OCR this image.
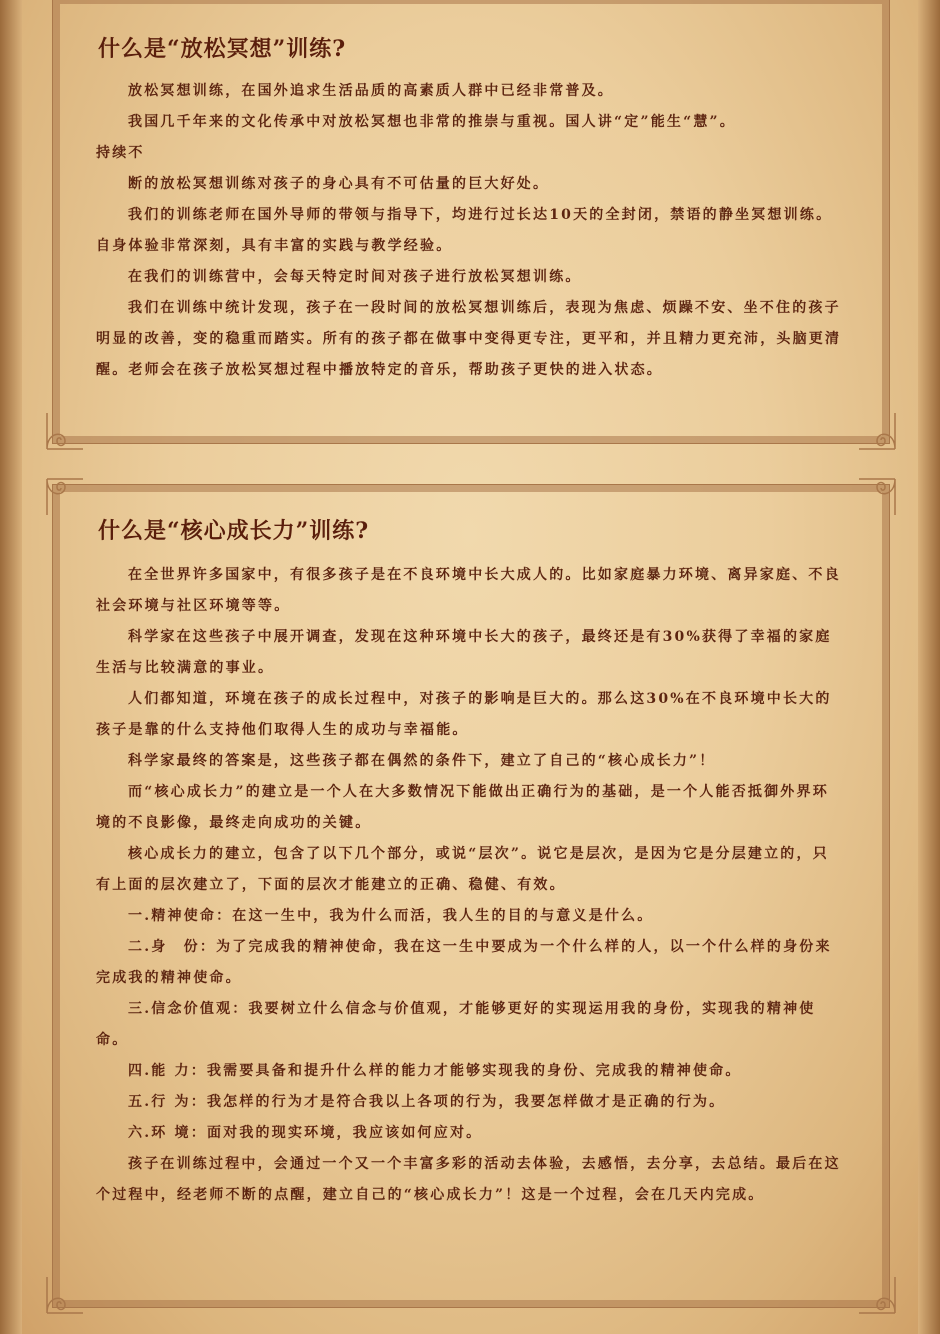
什么是“放松冥想”训练?

放松冥想训练，在国外追求生活品质的高素质人群中已经非常普及。

我国几千年来的文化传承中对放松冥想也非常的推崇与重视。国人讲“定”能生“慧”。

持续不

断的放松冥想训练对孩子的身心具有不可估量的巨大好处。

我们的训练老师在国外导师的带领与指导下，均进行过长达10天的全封闭，禁语的静坐冥想训练。自身体验非常深刻，具有丰富的实践与教学经验。

在我们的训练营中，会每天特定时间对孩子进行放松冥想训练。

我们在训练中统计发现，孩子在一段时间的放松冥想训练后，表现为焦虑、烦躁不安、坐不住的孩子明显的改善，变的稳重而踏实。所有的孩子都在做事中变得更专注，更平和，并且精力更充沛，头脑更清醒。老师会在孩子放松冥想过程中播放特定的音乐，帮助孩子更快的进入状态。

什么是“核心成长力”训练?

在全世界许多国家中，有很多孩子是在不良环境中长大成人的。比如家庭暴力环境、离异家庭、不良社会环境与社区环境等等。

科学家在这些孩子中展开调查，发现在这种环境中长大的孩子，最终还是有30%获得了幸福的家庭生活与比较满意的事业。

人们都知道，环境在孩子的成长过程中，对孩子的影响是巨大的。那么这30%在不良环境中长大的孩子是靠的什么支持他们取得人生的成功与幸福能。

科学家最终的答案是，这些孩子都在偶然的条件下，建立了自己的“核心成长力”！

而“核心成长力”的建立是一个人在大多数情况下能做出正确行为的基础，是一个人能否抵御外界环境的不良影像，最终走向成功的关键。

核心成长力的建立，包含了以下几个部分，或说“层次”。说它是层次，是因为它是分层建立的，只有上面的层次建立了，下面的层次才能建立的正确、稳健、有效。

一.精神使命：在这一生中，我为什么而活，我人生的目的与意义是什么。

二.身　份：为了完成我的精神使命，我在这一生中要成为一个什么样的人，以一个什么样的身份来完成我的精神使命。

三.信念价值观：我要树立什么信念与价值观，才能够更好的实现运用我的身份，实现我的精神使命。

四.能 力：我需要具备和提升什么样的能力才能够实现我的身份、完成我的精神使命。

五.行 为：我怎样的行为才是符合我以上各项的行为，我要怎样做才是正确的行为。

六.环 境：面对我的现实环境，我应该如何应对。

孩子在训练过程中，会通过一个又一个丰富多彩的活动去体验，去感悟，去分享，去总结。最后在这个过程中，经老师不断的点醒，建立自己的“核心成长力”！这是一个过程，会在几天内完成。
